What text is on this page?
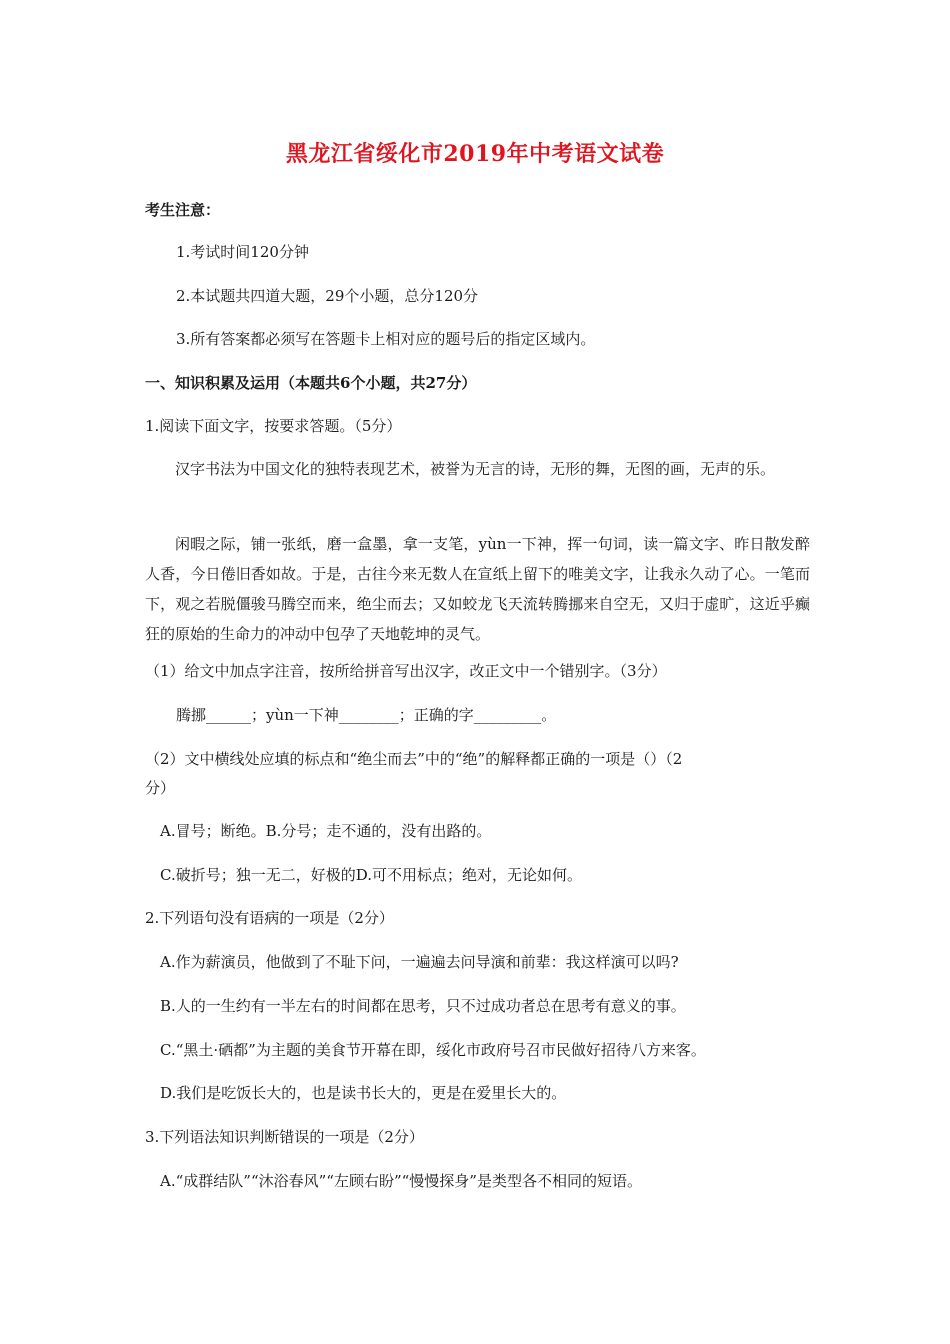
黑龙江省绥化市2019年中考语文试卷
考生注意：
1.考试时间120分钟
2.本试题共四道大题，29个小题，总分120分
3.所有答案都必须写在答题卡上相对应的题号后的指定区域内。
一、知识积累及运用（本题共6个小题，共27分）
1.阅读下面文字，按要求答题。（5分）
汉字书法为中国文化的独特表现艺术，被誉为无言的诗，无形的舞，无图的画，无声的乐。
闲暇之际，铺一张纸，磨一盒墨，拿一支笔，yùn一下神，挥一句词，读一篇文字、昨日散发醉人香，今日倦旧香如故。于是，古往今来无数人在宣纸上留下的唯美文字，让我永久动了心。一笔而下，观之若脱僵骏马腾空而来，绝尘而去；又如蛟龙飞天流转腾挪来自空无，又归于虚旷，这近乎癫狂的原始的生命力的冲动中包孕了天地乾坤的灵气。
（1）给文中加点字注音，按所给拼音写出汉字，改正文中一个错别字。（3分）
腾挪______；yùn一下神________；正确的字_________。
（2）文中横线处应填的标点和“绝尘而去”中的“绝”的解释都正确的一项是（）（2
分）
A.冒号；断绝。B.分号；走不通的，没有出路的。
C.破折号；独一无二，好极的D.可不用标点；绝对，无论如何。
2.下列语句没有语病的一项是（2分）
A.作为薪演员，他做到了不耻下问，一遍遍去问导演和前辈：我这样演可以吗?
B.人的一生约有一半左右的时间都在思考，只不过成功者总在思考有意义的事。
C.“黑土·硒都”为主题的美食节开幕在即，绥化市政府号召市民做好招待八方来客。
D.我们是吃饭长大的，也是读书长大的，更是在爱里长大的。
3.下列语法知识判断错误的一项是（2分）
A.“成群结队”“沐浴春风”“左顾右盼”“慢慢探身”是类型各不相同的短语。
